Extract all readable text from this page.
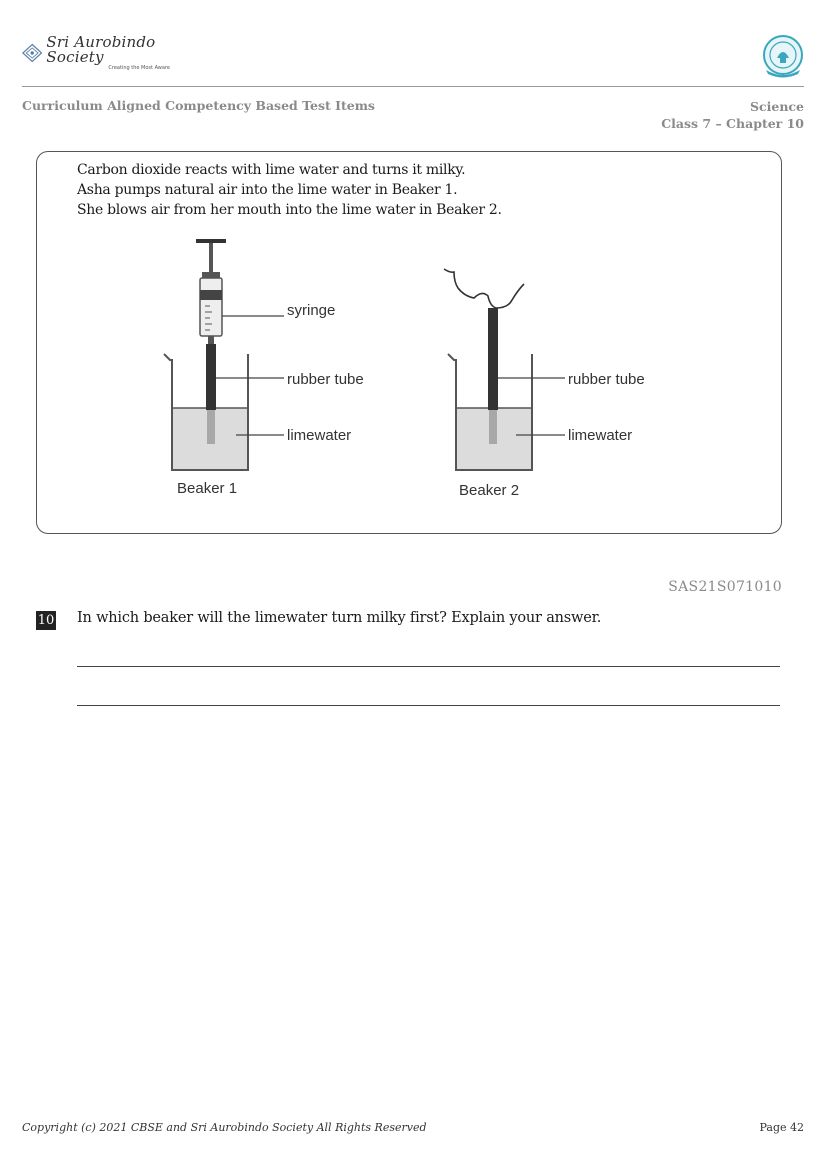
Sri Aurobindo Society
Creating the Most Aware
Curriculum Aligned Competency Based Test Items	Science
Class 7 – Chapter 10
Carbon dioxide reacts with lime water and turns it milky.
Asha pumps natural air into the lime water in Beaker 1.
She blows air from her mouth into the lime water in Beaker 2.
syringe
rubber tube
limewater
Beaker 1
rubber tube
limewater
Beaker 2
SAS21S071010
10 In which beaker will the limewater turn milky first? Explain your answer.
Copyright (c) 2021 CBSE and Sri Aurobindo Society All Rights Reserved	Page 42
